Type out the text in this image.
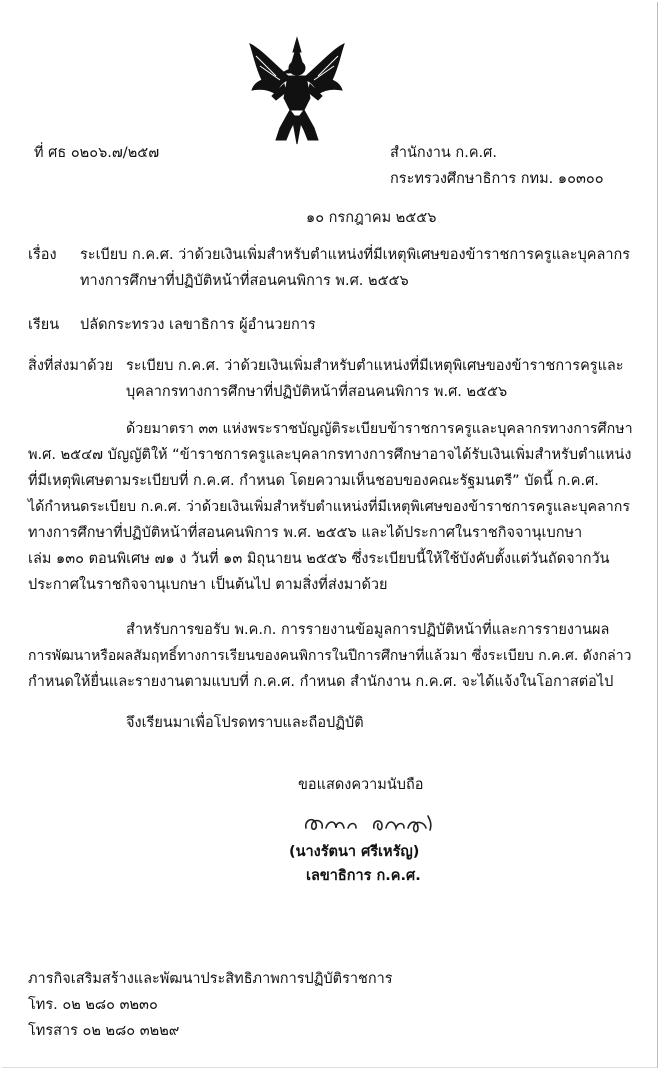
ที่ ศธ ๐๒๐๖.๗/๒๕๗	สำนักงาน ก.ค.ศ.
กระทรวงศึกษาธิการ กทม. ๑๐๓๐๐
๑๐ กรกฎาคม ๒๕๕๖
เรื่อง ระเบียบ ก.ค.ศ. ว่าด้วยเงินเพิ่มสำหรับตำแหน่งที่มีเหตุพิเศษของข้าราชการครูและบุคลากร
ทางการศึกษาที่ปฏิบัติหน้าที่สอนคนพิการ พ.ศ. ๒๕๕๖
เรียน ปลัดกระทรวง เลขาธิการ ผู้อำนวยการ
สิ่งที่ส่งมาด้วย ระเบียบ ก.ค.ศ. ว่าด้วยเงินเพิ่มสำหรับตำแหน่งที่มีเหตุพิเศษของข้าราชการครูและ
บุคลากรทางการศึกษาที่ปฏิบัติหน้าที่สอนคนพิการ พ.ศ. ๒๕๕๖
ด้วยมาตรา ๓๓ แห่งพระราชบัญญัติระเบียบข้าราชการครูและบุคลากรทางการศึกษา
พ.ศ. ๒๕๔๗ บัญญัติให้ “ข้าราชการครูและบุคลากรทางการศึกษาอาจได้รับเงินเพิ่มสำหรับตำแหน่ง
ที่มีเหตุพิเศษตามระเบียบที่ ก.ค.ศ. กำหนด โดยความเห็นชอบของคณะรัฐมนตรี” บัดนี้ ก.ค.ศ.
ได้กำหนดระเบียบ ก.ค.ศ. ว่าด้วยเงินเพิ่มสำหรับตำแหน่งที่มีเหตุพิเศษของข้าราชการครูและบุคลากร
ทางการศึกษาที่ปฏิบัติหน้าที่สอนคนพิการ พ.ศ. ๒๕๕๖ และได้ประกาศในราชกิจจานุเบกษา
เล่ม ๑๓๐ ตอนพิเศษ ๗๑ ง วันที่ ๑๓ มิถุนายน ๒๕๕๖ ซึ่งระเบียบนี้ให้ใช้บังคับตั้งแต่วันถัดจากวัน
ประกาศในราชกิจจานุเบกษา เป็นต้นไป ตามสิ่งที่ส่งมาด้วย
สำหรับการขอรับ พ.ค.ก. การรายงานข้อมูลการปฏิบัติหน้าที่และการรายงานผล
การพัฒนาหรือผลสัมฤทธิ์ทางการเรียนของคนพิการในปีการศึกษาที่แล้วมา ซึ่งระเบียบ ก.ค.ศ. ดังกล่าว
กำหนดให้ยื่นและรายงานตามแบบที่ ก.ค.ศ. กำหนด สำนักงาน ก.ค.ศ. จะได้แจ้งในโอกาสต่อไป
จึงเรียนมาเพื่อโปรดทราบและถือปฏิบัติ
ขอแสดงความนับถือ
(นางรัตนา ศรีเหรัญ)
เลขาธิการ ก.ค.ศ.
ภารกิจเสริมสร้างและพัฒนาประสิทธิภาพการปฏิบัติราชการ
โทร. ๐๒ ๒๘๐ ๓๒๓๐
โทรสาร ๐๒ ๒๘๐ ๓๒๒๙
